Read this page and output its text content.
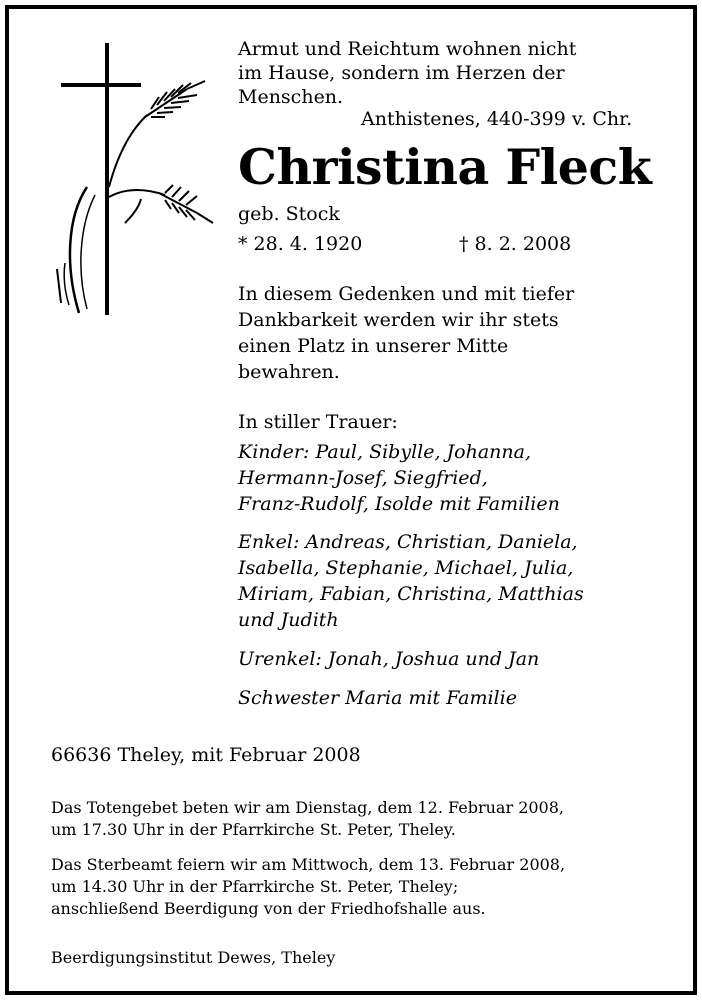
Armut und Reichtum wohnen nicht
im Hause, sondern im Herzen der
Menschen.
Anthistenes, 440-399 v. Chr.
Christina Fleck
geb. Stock
* 28. 4. 1920	† 8. 2. 2008
In diesem Gedenken und mit tiefer
Dankbarkeit werden wir ihr stets
einen Platz in unserer Mitte
bewahren.
In stiller Trauer:
Kinder: Paul, Sibylle, Johanna,
Hermann-Josef, Siegfried,
Franz-Rudolf, Isolde mit Familien
Enkel: Andreas, Christian, Daniela,
Isabella, Stephanie, Michael, Julia,
Miriam, Fabian, Christina, Matthias
und Judith
Urenkel: Jonah, Joshua und Jan
Schwester Maria mit Familie
66636 Theley, mit Februar 2008
Das Totengebet beten wir am Dienstag, dem 12. Februar 2008,
um 17.30 Uhr in der Pfarrkirche St. Peter, Theley.
Das Sterbeamt feiern wir am Mittwoch, dem 13. Februar 2008,
um 14.30 Uhr in der Pfarrkirche St. Peter, Theley;
anschließend Beerdigung von der Friedhofshalle aus.
Beerdigungsinstitut Dewes, Theley
